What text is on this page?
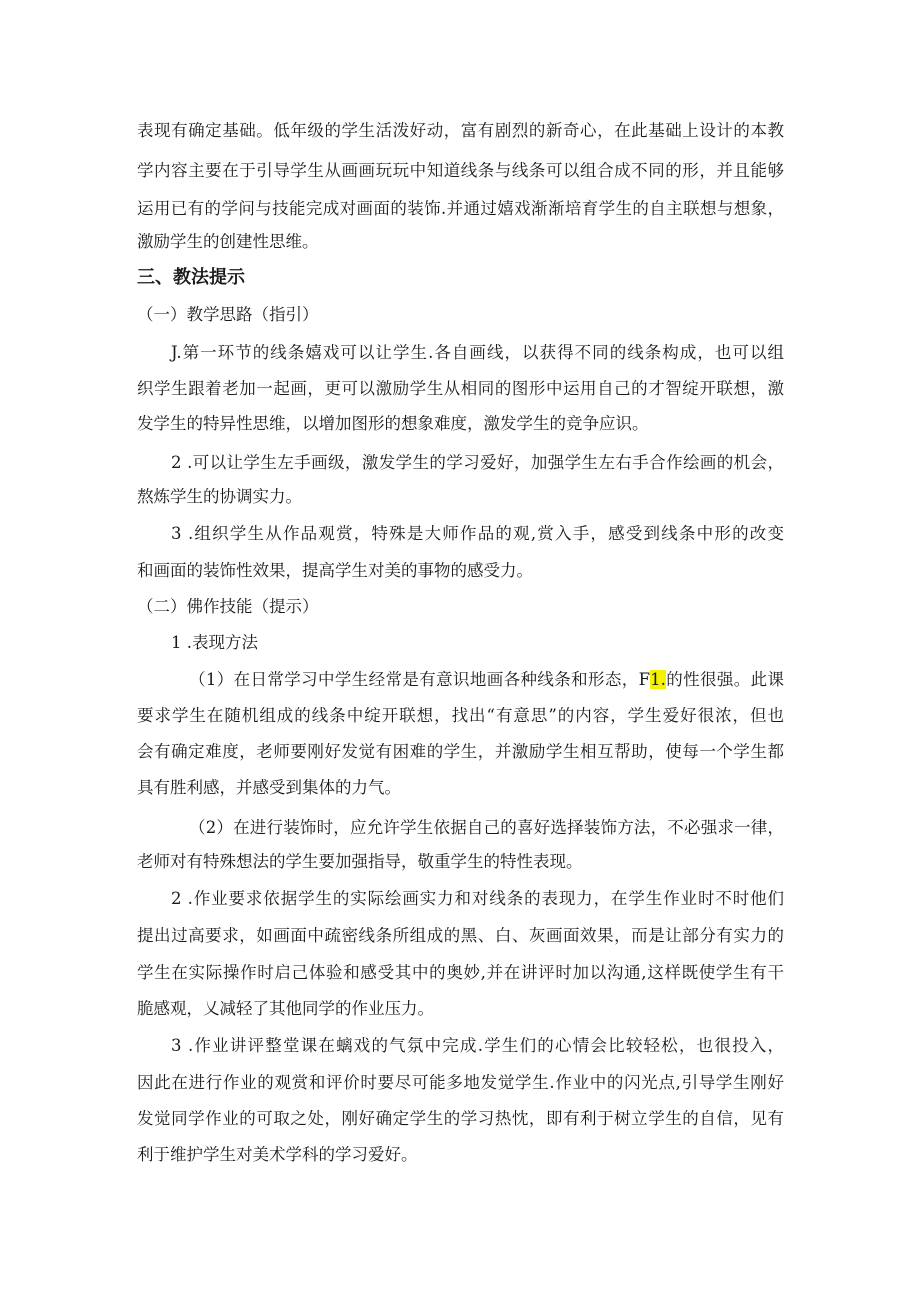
表现有确定基础。低年级的学生活泼好动，富有剧烈的新奇心，在此基础上设计的本教
学内容主要在于引导学生从画画玩玩中知道线条与线条可以组合成不同的形，并且能够
运用已有的学问与技能完成对画面的装饰.并通过嬉戏渐渐培育学生的自主联想与想象，
激励学生的创建性思维。
三、教法提示
（一）教学思路（指引）
J.第一环节的线条嬉戏可以让学生.各自画线，以获得不同的线条构成，也可以组
织学生跟着老加一起画，更可以激励学生从相同的图形中运用自己的才智绽开联想，激
发学生的特异性思维，以增加图形的想象难度，激发学生的竞争应识。
2 .可以让学生左手画级，激发学生的学习爱好，加强学生左右手合作绘画的机会，
熬炼学生的协调实力。
3 .组织学生从作品观赏，特殊是大师作品的观,赏入手，感受到线条中形的改变
和画面的装饰性效果，提高学生对美的事物的感受力。
（二）佛作技能（提示）
1 .表现方法
（1）在日常学习中学生经常是有意识地画各种线条和形态，F1.的性很强。此课
要求学生在随机组成的线条中绽开联想，找出“有意思”的内容，学生爱好很浓，但也
会有确定难度，老师要刚好发觉有困难的学生，并激励学生相互帮助，使每一个学生都
具有胜利感，并感受到集体的力气。
（2）在进行装饰时，应允许学生依据自己的喜好选择装饰方法，不必强求一律，
老师对有特殊想法的学生要加强指导，敬重学生的特性表现。
2 .作业要求依据学生的实际绘画实力和对线条的表现力，在学生作业时不时他们
提出过高要求，如画面中疏密线条所组成的黑、白、灰画面效果，而是让部分有实力的
学生在实际操作时启己体验和感受其中的奥妙,并在讲评时加以沟通,这样既使学生有干
脆感观，乂减轻了其他同学的作业压力。
3 .作业讲评整堂课在螭戏的气氛中完成.学生们的心情会比较轻松，也很投入，
因此在进行作业的观赏和评价时要尽可能多地发觉学生.作业中的闪光点,引导学生刚好
发觉同学作业的可取之处，刚好确定学生的学习热忱，即有利于树立学生的自信，见有
利于维护学生对美术学科的学习爱好。
